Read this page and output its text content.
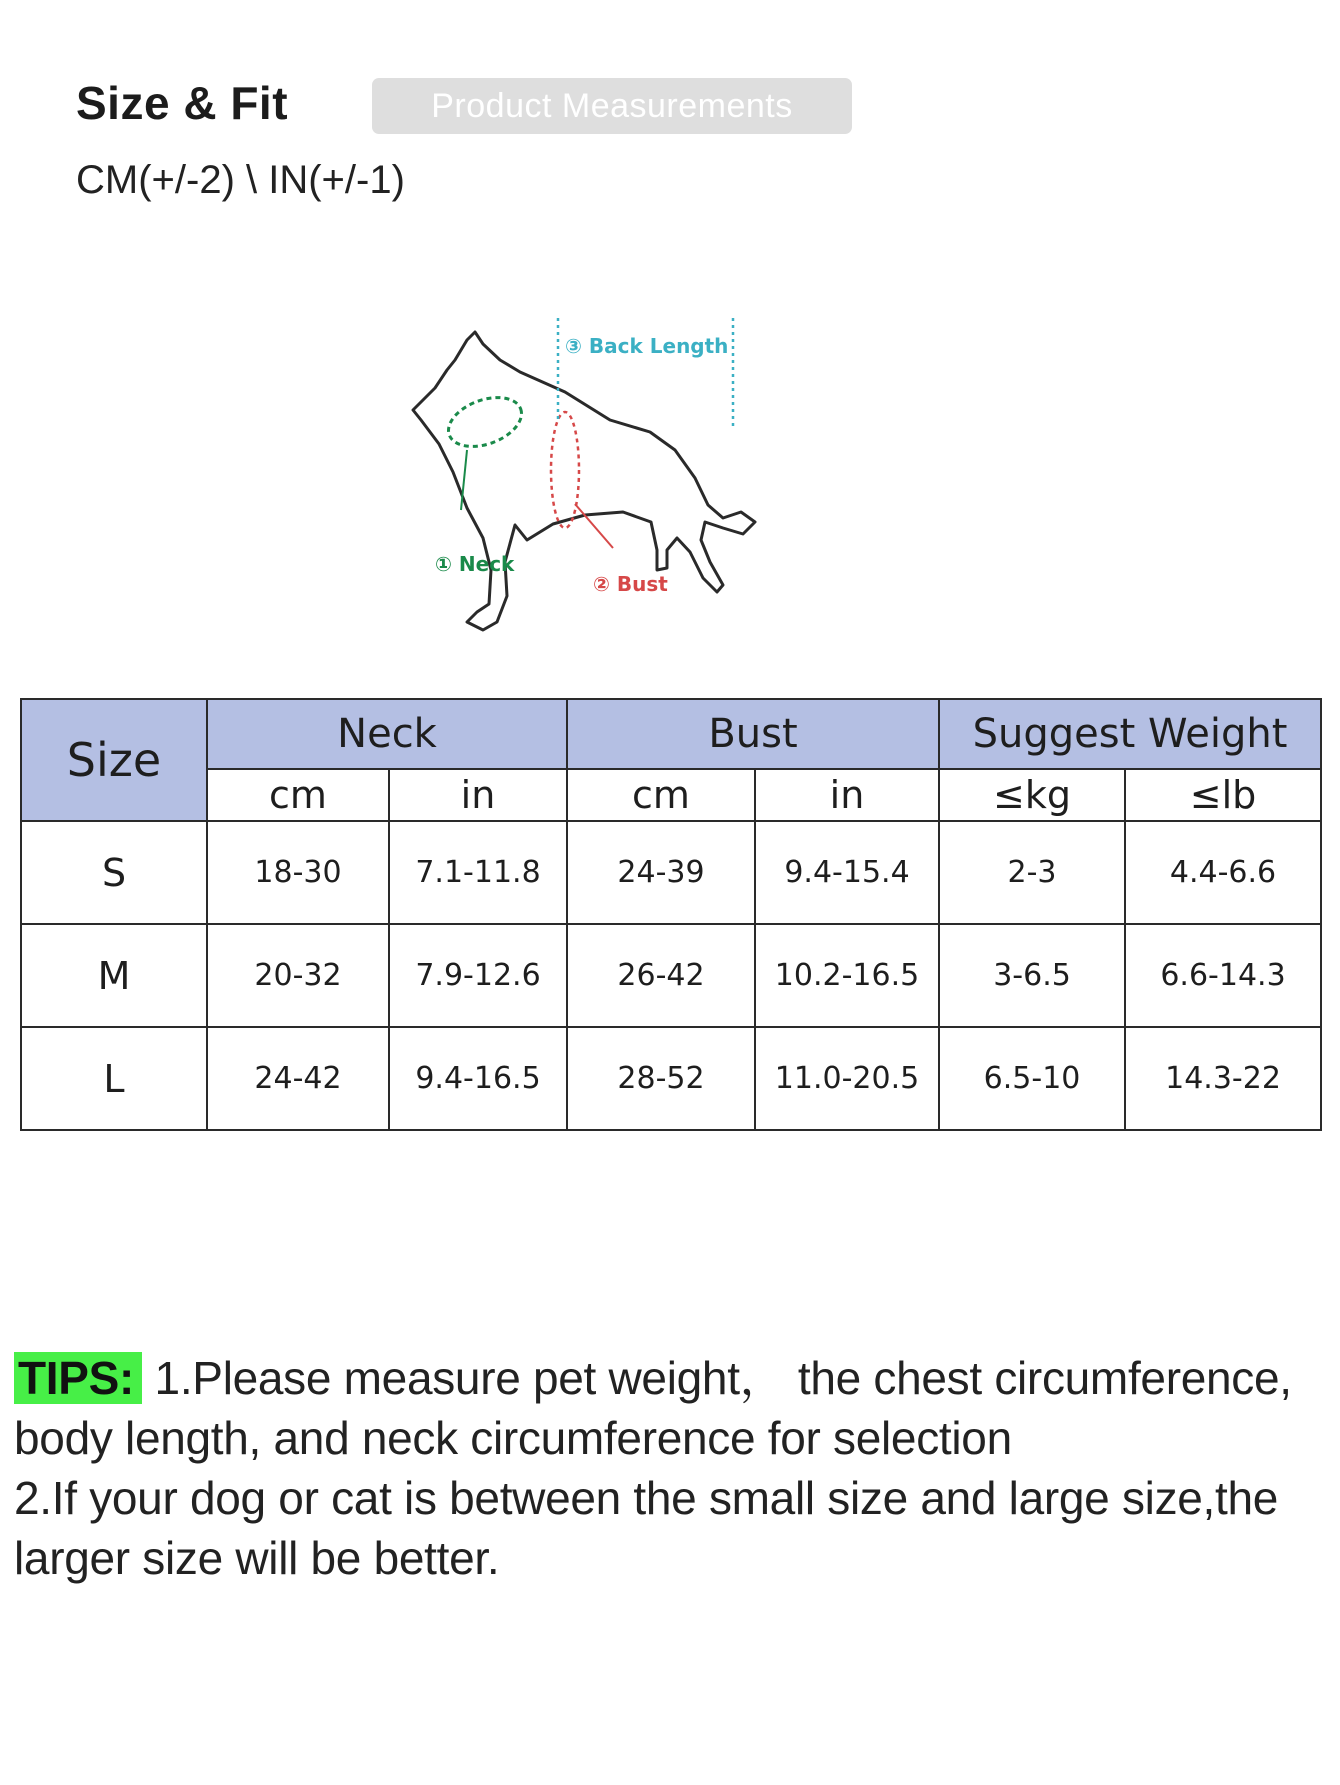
Size & Fit	Product Measurements
CM(+/-2) \ IN(+/-1)
③ Back Length
① Neck
② Bust
Size	Neck		Bust		Suggest Weight	
	cm	in	cm	in	≤kg	≤lb
S	18-30	7.1-11.8	24-39	9.4-15.4	2-3	4.4-6.6
M	20-32	7.9-12.6	26-42	10.2-16.5	3-6.5	6.6-14.3
L	24-42	9.4-16.5	28-52	11.0-20.5	6.5-10	14.3-22

TIPS: 1.Please measure pet weight， the chest circumference, body length, and neck circumference for selection

2.If your dog or cat is between the small size and large size,the larger size will be better.
